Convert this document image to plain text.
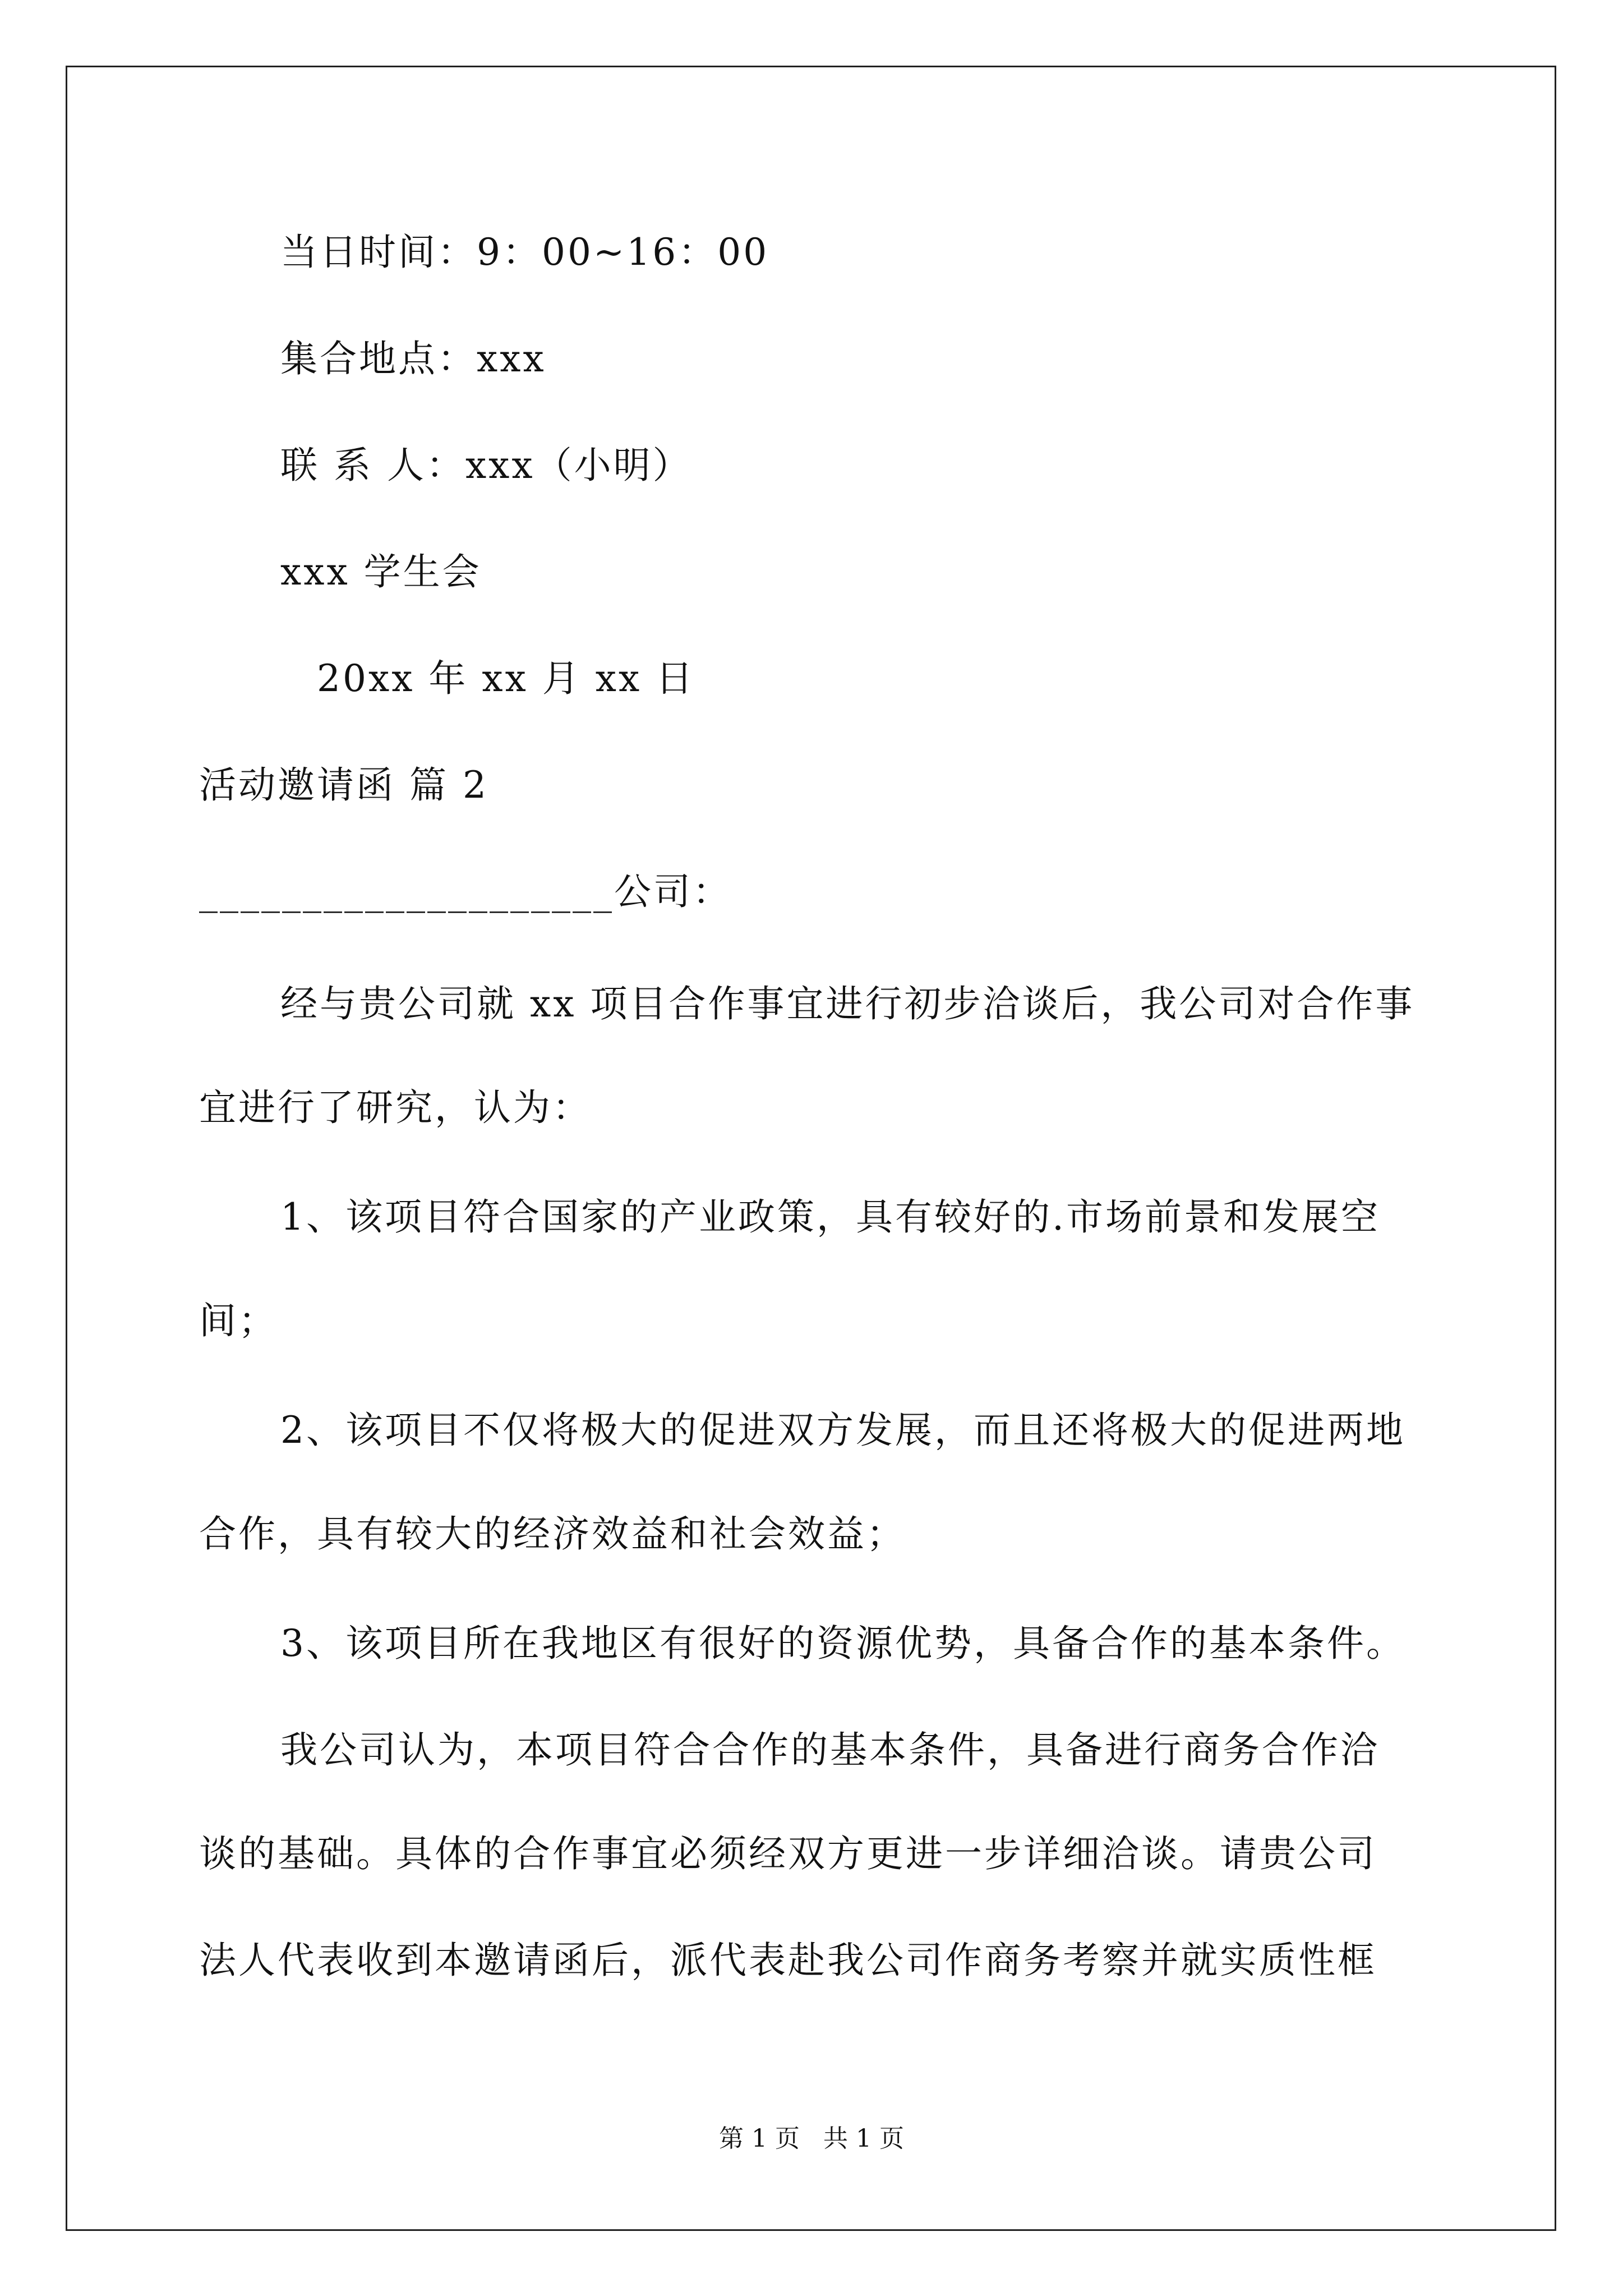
当日时间：9：00~16：00
集合地点：xxx
联 系 人：xxx（小明）
xxx 学生会
20xx 年 xx 月 xx 日
活动邀请函 篇 2
____________________公司：
经与贵公司就 xx 项目合作事宜进行初步洽谈后，我公司对合作事
宜进行了研究，认为：
1、该项目符合国家的产业政策，具有较好的.市场前景和发展空
间；
2、该项目不仅将极大的促进双方发展，而且还将极大的促进两地
合作，具有较大的经济效益和社会效益；
3、该项目所在我地区有很好的资源优势，具备合作的基本条件。
我公司认为，本项目符合合作的基本条件，具备进行商务合作洽
谈的基础。具体的合作事宜必须经双方更进一步详细洽谈。请贵公司
法人代表收到本邀请函后，派代表赴我公司作商务考察并就实质性框
第 1 页   共 1 页
